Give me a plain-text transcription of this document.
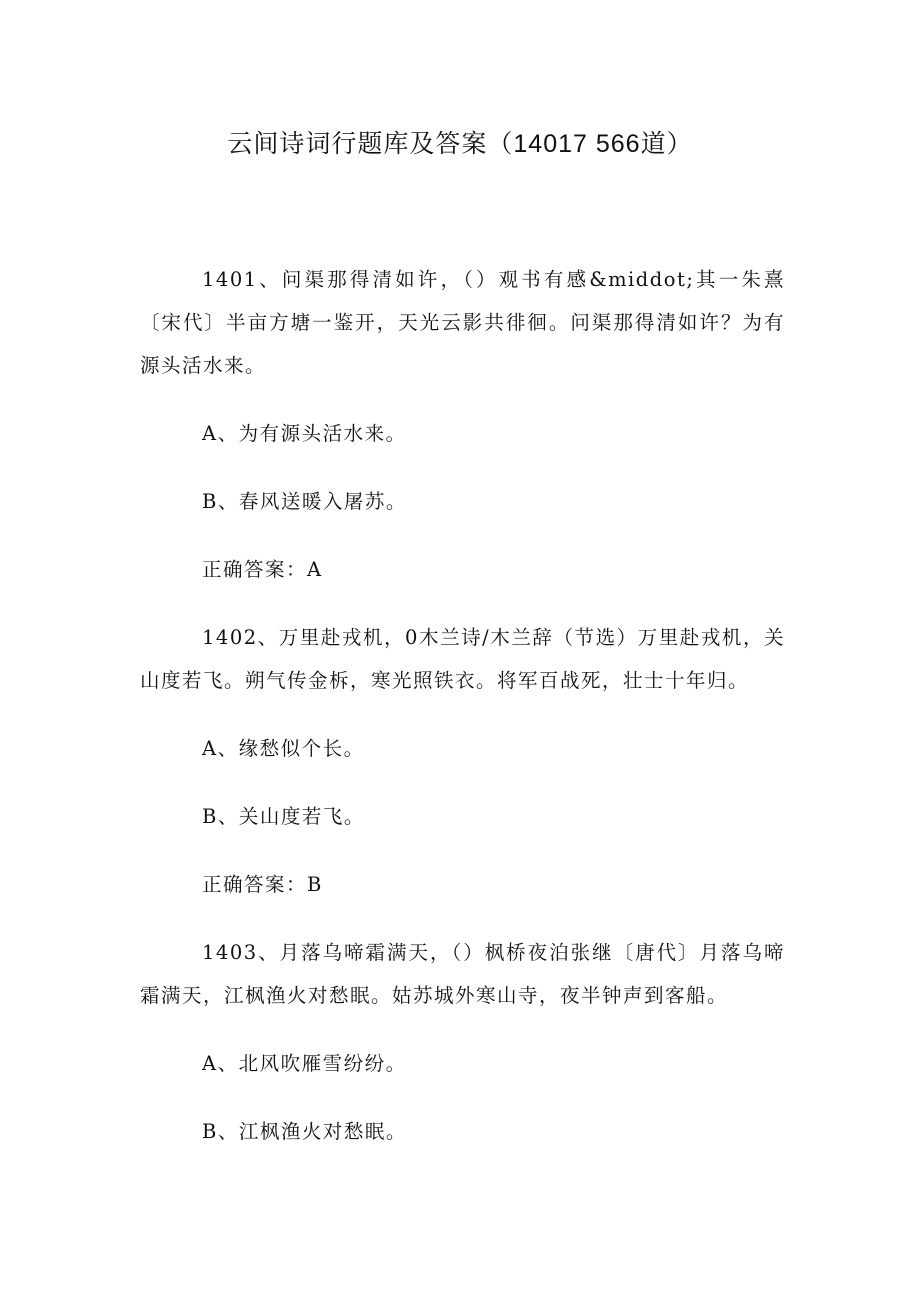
云间诗词行题库及答案（14017 566道）

1401、问渠那得清如许，（）观书有感&middot;其一朱熹〔宋代〕半亩方塘一鉴开，天光云影共徘徊。问渠那得清如许？为有源头活水来。

A、为有源头活水来。

B、春风送暖入屠苏。

正确答案：A

1402、万里赴戎机，0木兰诗/木兰辞（节选）万里赴戎机，关山度若飞。朔气传金柝，寒光照铁衣。将军百战死，壮士十年归。

A、缘愁似个长。

B、关山度若飞。

正确答案：B

1403、月落乌啼霜满天，（）枫桥夜泊张继〔唐代〕月落乌啼霜满天，江枫渔火对愁眠。姑苏城外寒山寺，夜半钟声到客船。

A、北风吹雁雪纷纷。

B、江枫渔火对愁眠。
